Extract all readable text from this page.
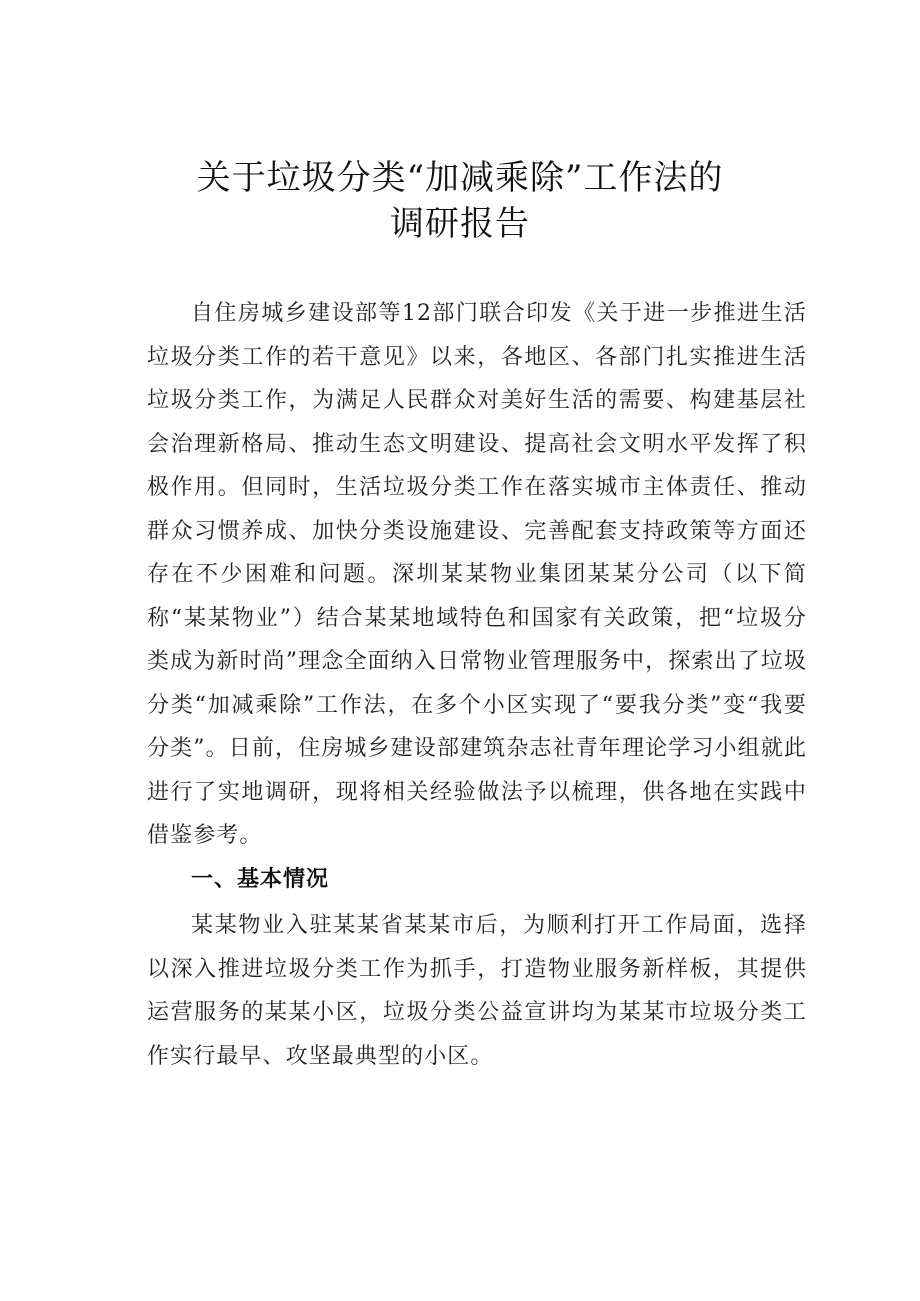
关于垃圾分类“加减乘除”工作法的
调研报告

自住房城乡建设部等12部门联合印发《关于进一步推进生活垃圾分类工作的若干意见》以来，各地区、各部门扎实推进生活垃圾分类工作，为满足人民群众对美好生活的需要、构建基层社会治理新格局、推动生态文明建设、提高社会文明水平发挥了积极作用。但同时，生活垃圾分类工作在落实城市主体责任、推动群众习惯养成、加快分类设施建设、完善配套支持政策等方面还存在不少困难和问题。深圳某某物业集团某某分公司（以下简称“某某物业”）结合某某地域特色和国家有关政策，把“垃圾分类成为新时尚”理念全面纳入日常物业管理服务中，探索出了垃圾分类“加减乘除”工作法，在多个小区实现了“要我分类”变“我要分类”。日前，住房城乡建设部建筑杂志社青年理论学习小组就此进行了实地调研，现将相关经验做法予以梳理，供各地在实践中借鉴参考。

一、基本情况

某某物业入驻某某省某某市后，为顺利打开工作局面，选择以深入推进垃圾分类工作为抓手，打造物业服务新样板，其提供运营服务的某某小区，垃圾分类公益宣讲均为某某市垃圾分类工作实行最早、攻坚最典型的小区。
